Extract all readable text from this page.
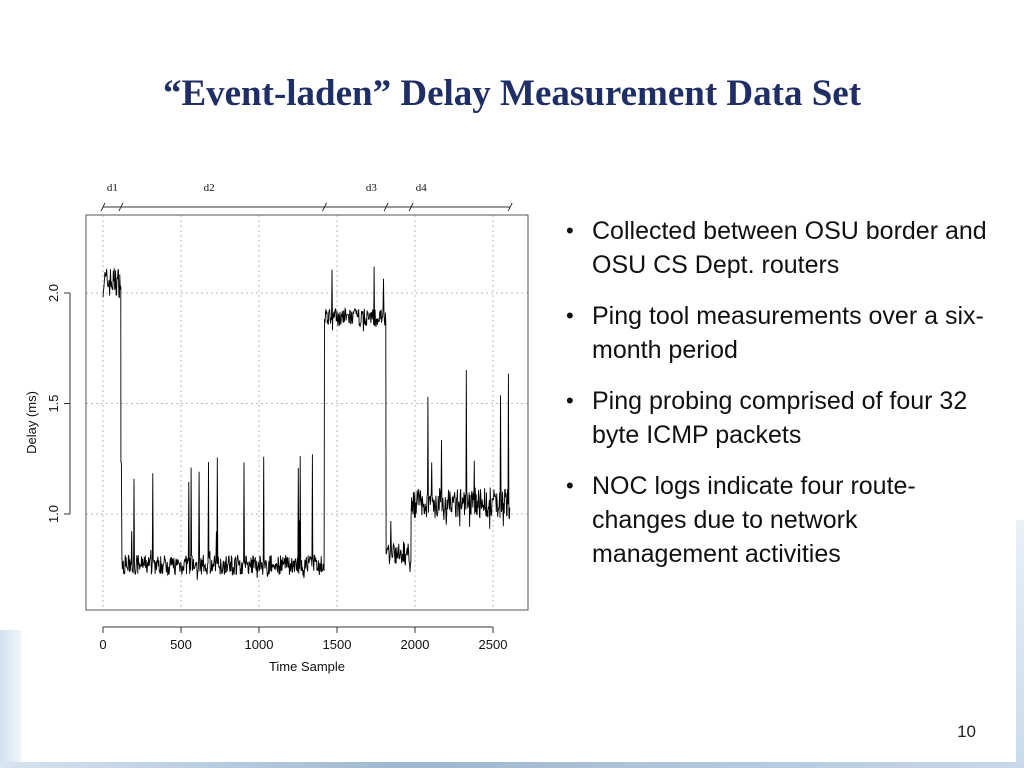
“Event-laden” Delay Measurement Data Set
0	500	1000	1500	2000	2500
1.0
1.5
2.0
d1	d2	d3	d4
Time Sample
Delay (ms)
• Collected between OSU border and OSU CS Dept. routers
• Ping tool measurements over a six-month period
• Ping probing comprised of four 32 byte ICMP packets
• NOC logs indicate four route-changes due to network management activities
10
